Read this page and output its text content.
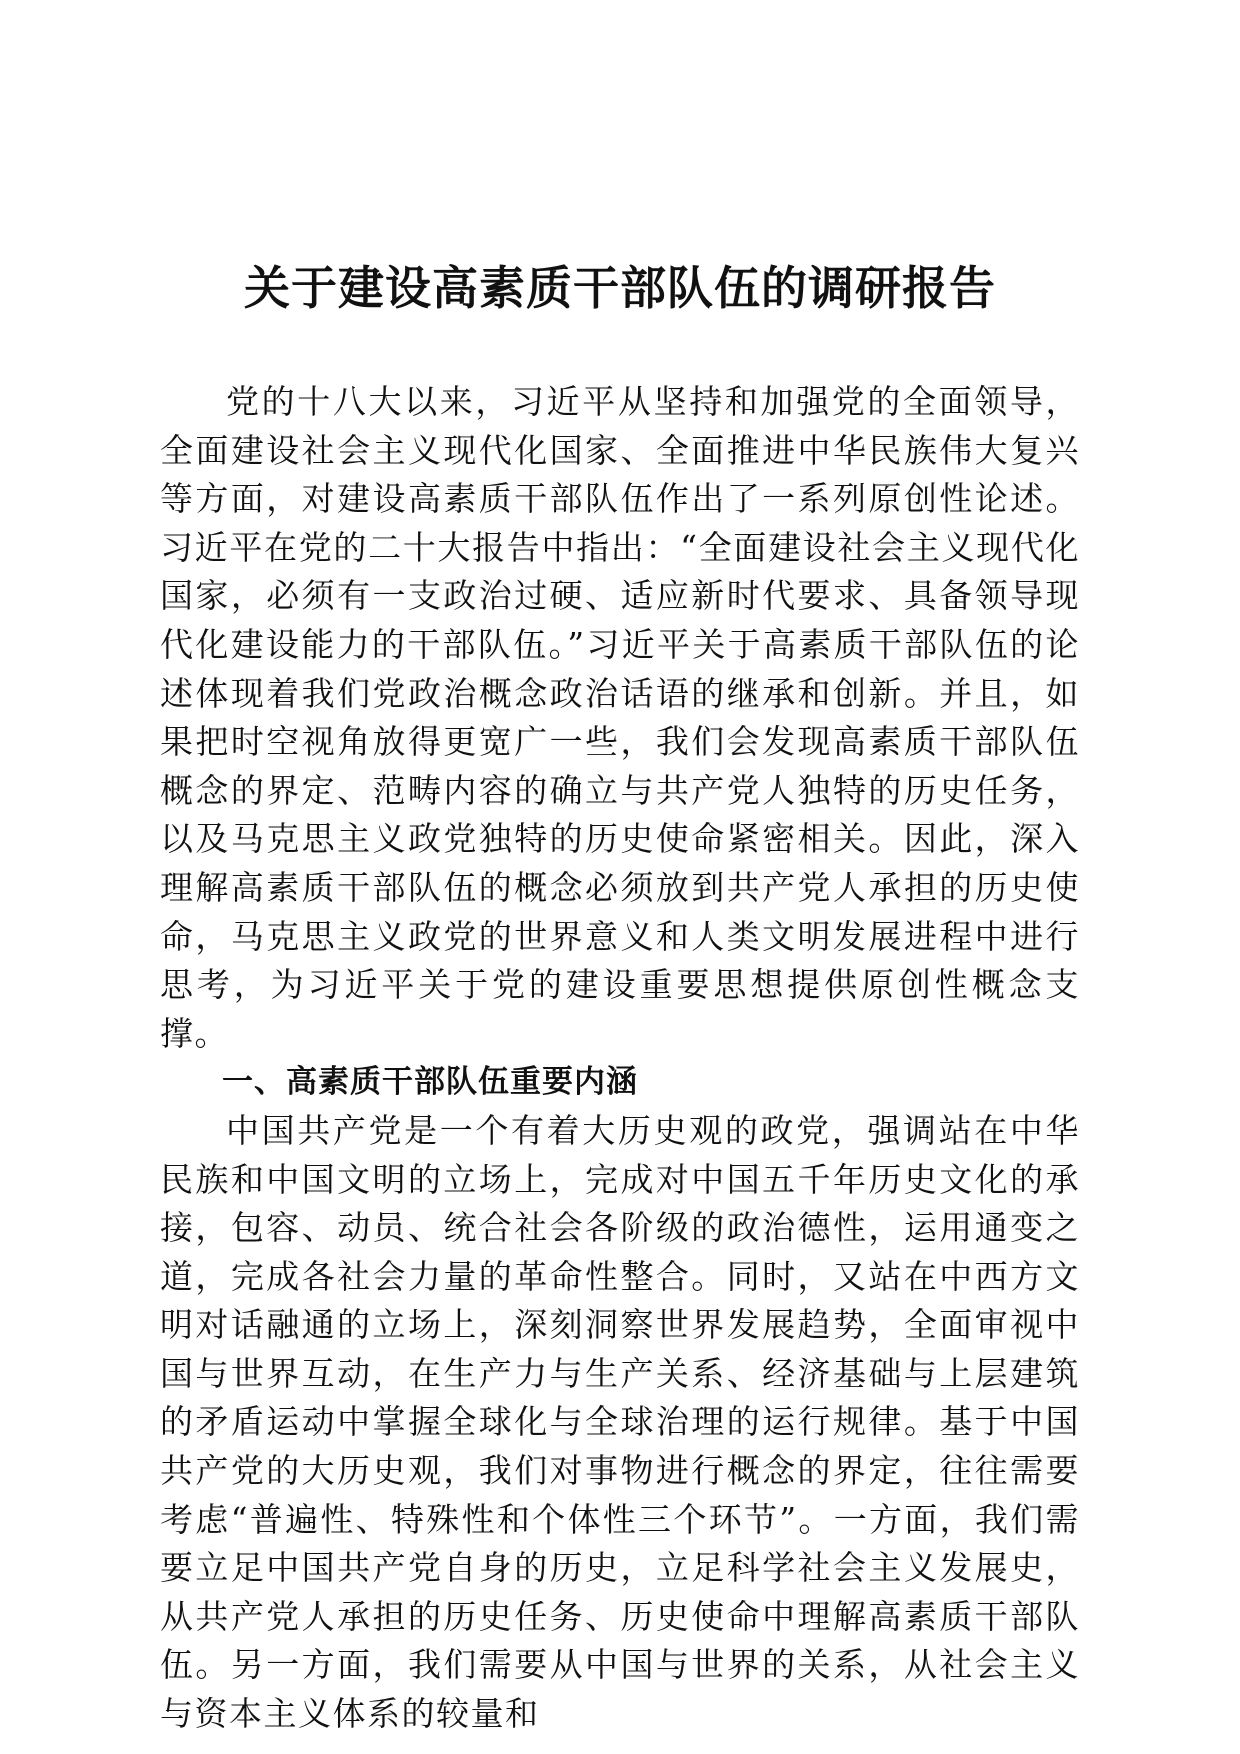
关于建设高素质干部队伍的调研报告

党的十八大以来，习近平从坚持和加强党的全面领导，全面建设社会主义现代化国家、全面推进中华民族伟大复兴等方面，对建设高素质干部队伍作出了一系列原创性论述。习近平在党的二十大报告中指出：“全面建设社会主义现代化国家，必须有一支政治过硬、适应新时代要求、具备领导现代化建设能力的干部队伍。”习近平关于高素质干部队伍的论述体现着我们党政治概念政治话语的继承和创新。并且，如果把时空视角放得更宽广一些，我们会发现高素质干部队伍概念的界定、范畴内容的确立与共产党人独特的历史任务，以及马克思主义政党独特的历史使命紧密相关。因此，深入理解高素质干部队伍的概念必须放到共产党人承担的历史使命，马克思主义政党的世界意义和人类文明发展进程中进行思考，为习近平关于党的建设重要思想提供原创性概念支撑。

一、高素质干部队伍重要内涵

中国共产党是一个有着大历史观的政党，强调站在中华民族和中国文明的立场上，完成对中国五千年历史文化的承接，包容、动员、统合社会各阶级的政治德性，运用通变之道，完成各社会力量的革命性整合。同时，又站在中西方文明对话融通的立场上，深刻洞察世界发展趋势，全面审视中国与世界互动，在生产力与生产关系、经济基础与上层建筑的矛盾运动中掌握全球化与全球治理的运行规律。基于中国共产党的大历史观，我们对事物进行概念的界定，往往需要考虑“普遍性、特殊性和个体性三个环节”。一方面，我们需要立足中国共产党自身的历史，立足科学社会主义发展史，从共产党人承担的历史任务、历史使命中理解高素质干部队伍。另一方面，我们需要从中国与世界的关系，从社会主义与资本主义体系的较量和
